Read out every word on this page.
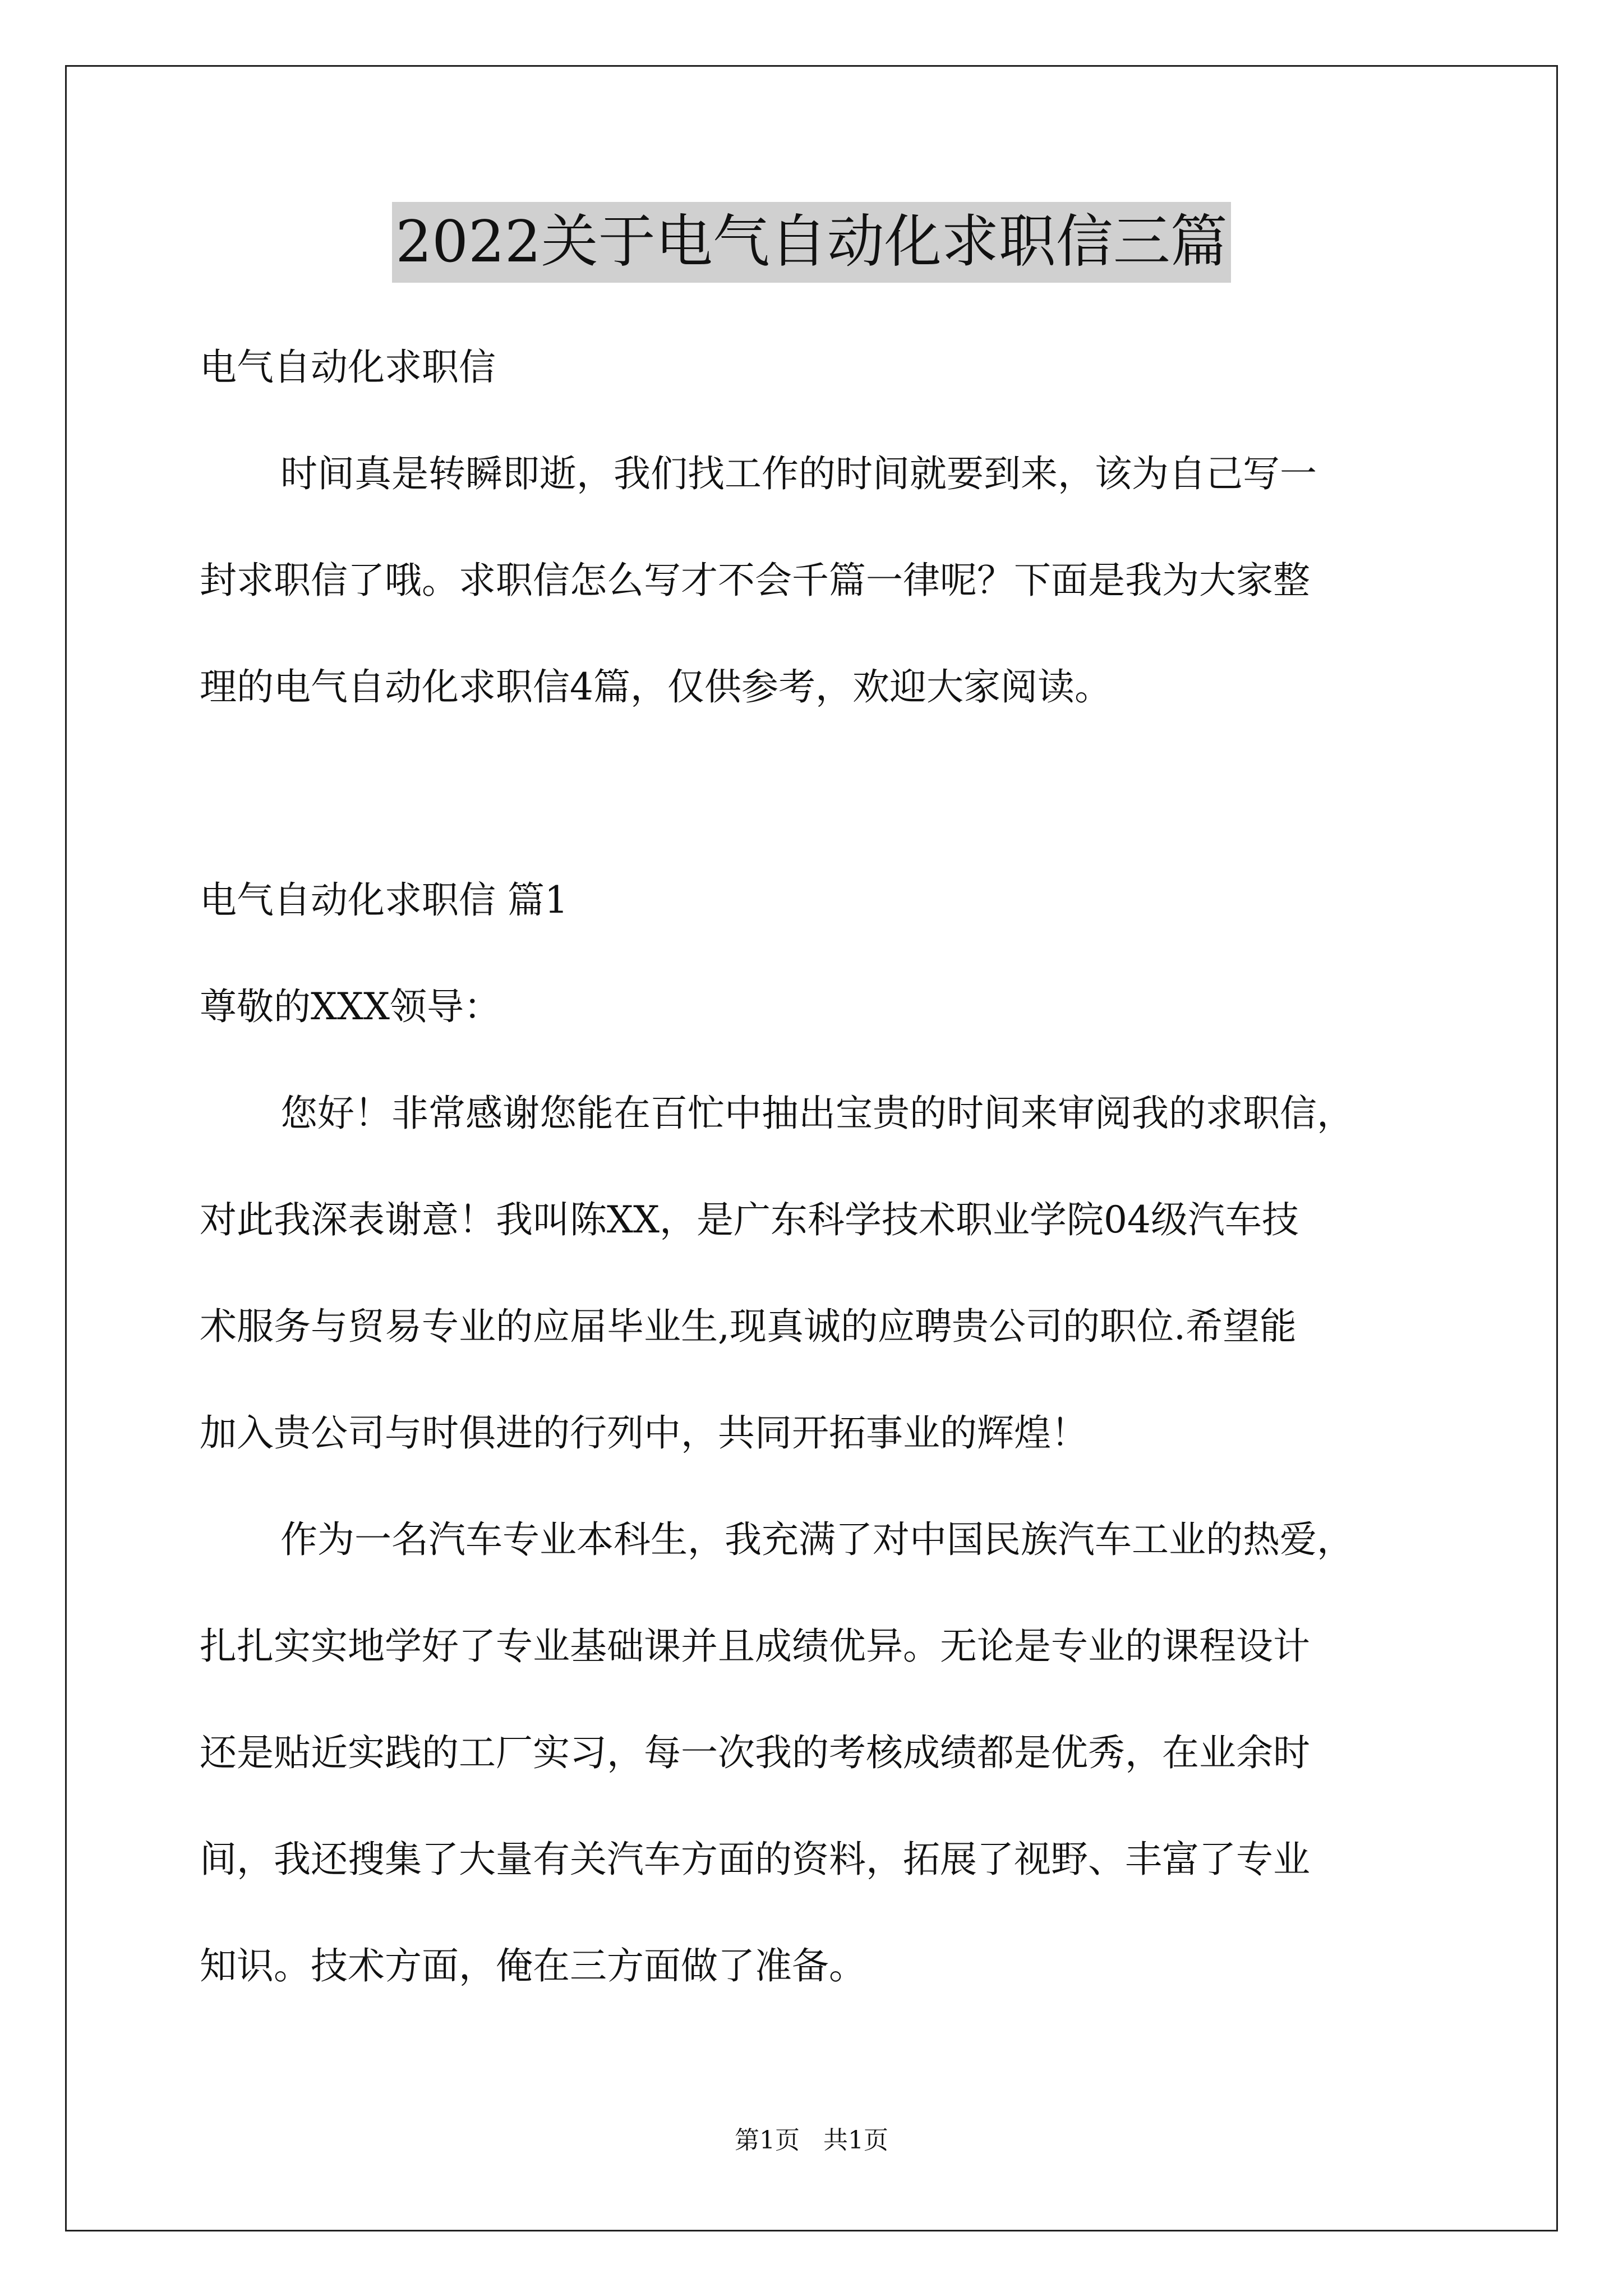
2022关于电气自动化求职信三篇
电气自动化求职信
时间真是转瞬即逝，我们找工作的时间就要到来，该为自己写一
封求职信了哦。求职信怎么写才不会千篇一律呢？下面是我为大家整
理的电气自动化求职信4篇，仅供参考，欢迎大家阅读。
电气自动化求职信 篇1
尊敬的XXX领导：
您好！非常感谢您能在百忙中抽出宝贵的时间来审阅我的求职信，
对此我深表谢意！我叫陈XX，是广东科学技术职业学院04级汽车技
术服务与贸易专业的应届毕业生,现真诚的应聘贵公司的职位.希望能
加入贵公司与时俱进的行列中，共同开拓事业的辉煌！
作为一名汽车专业本科生，我充满了对中国民族汽车工业的热爱，
扎扎实实地学好了专业基础课并且成绩优异。无论是专业的课程设计
还是贴近实践的工厂实习，每一次我的考核成绩都是优秀，在业余时
间，我还搜集了大量有关汽车方面的资料，拓展了视野、丰富了专业
知识。技术方面，俺在三方面做了准备。
第1页   共1页
